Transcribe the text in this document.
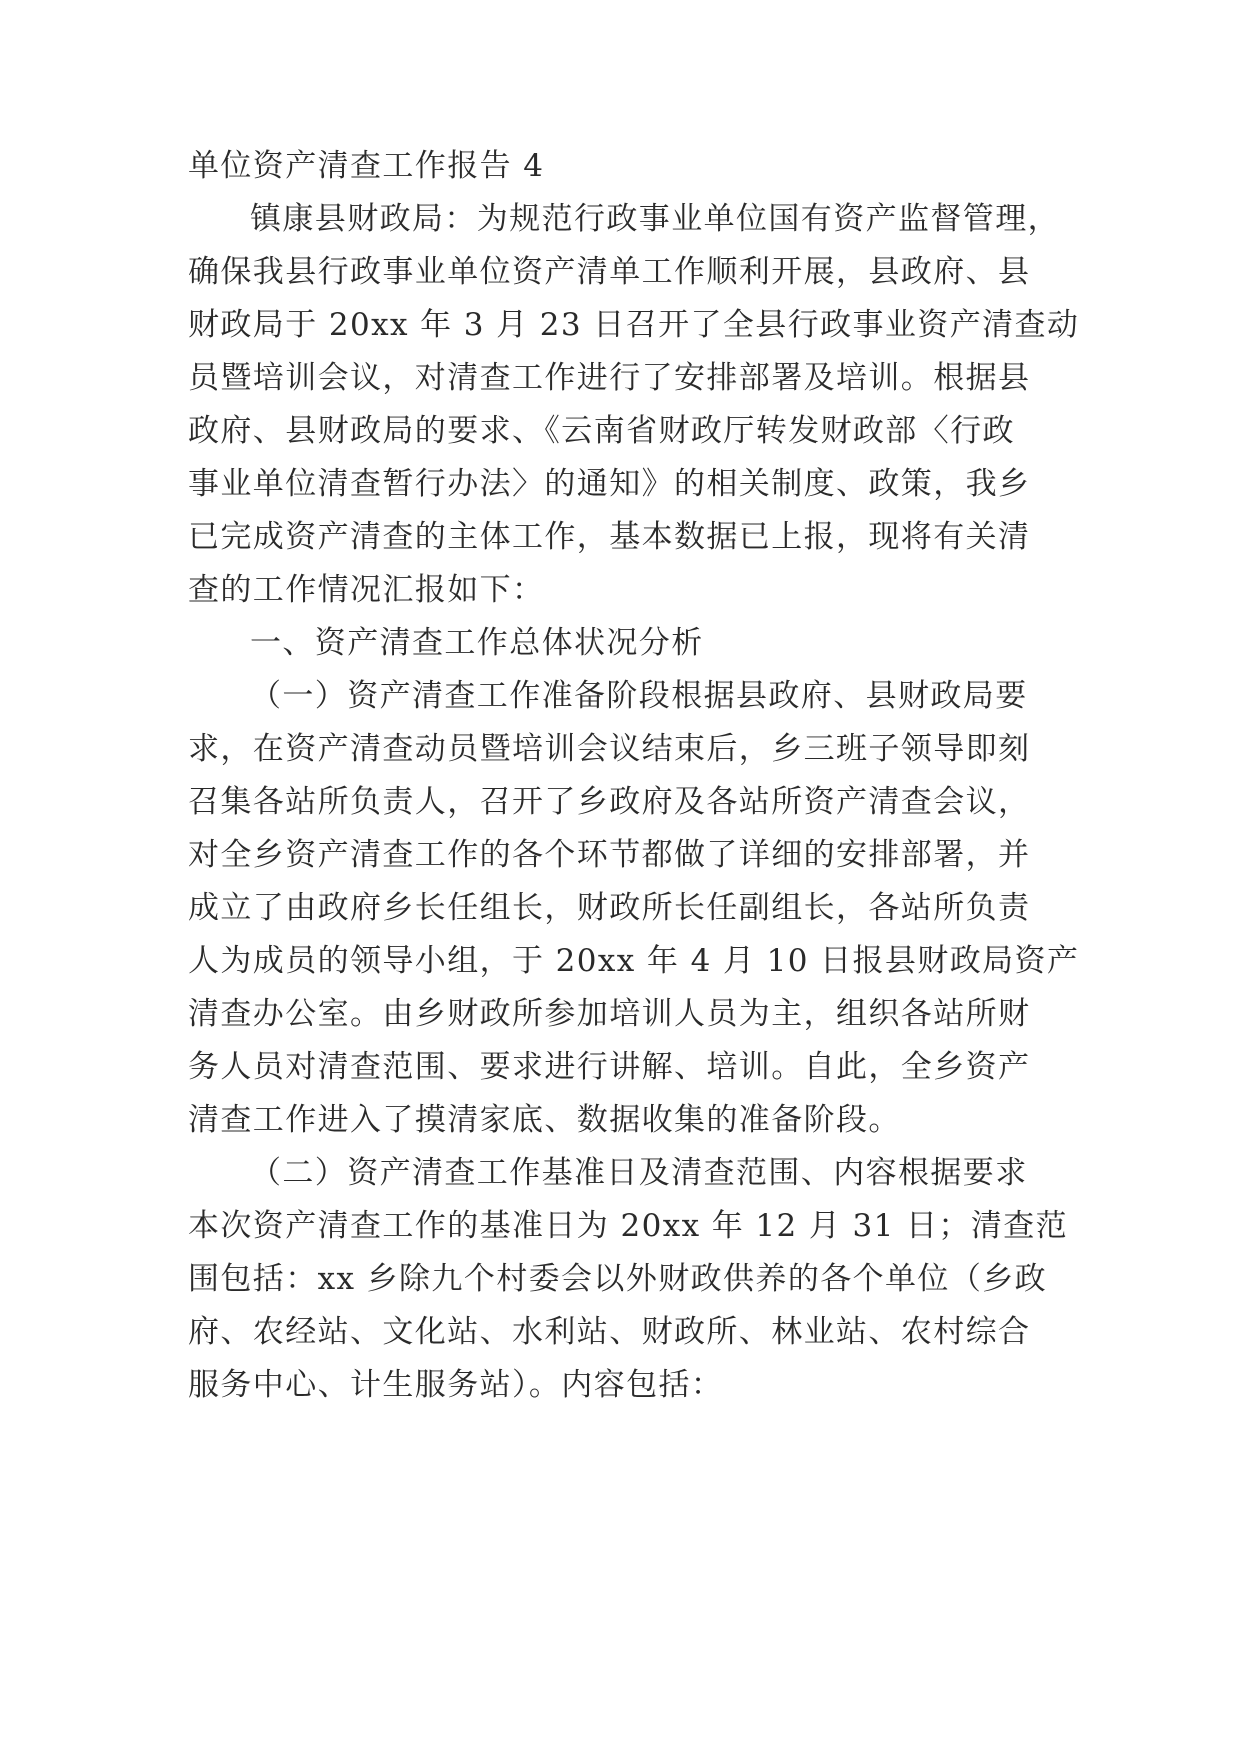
单位资产清查工作报告 4
镇康县财政局：为规范行政事业单位国有资产监督管理，
确保我县行政事业单位资产清单工作顺利开展，县政府、县
财政局于 20xx 年 3 月 23 日召开了全县行政事业资产清查动
员暨培训会议，对清查工作进行了安排部署及培训。根据县
政府、县财政局的要求、《云南省财政厅转发财政部〈行政
事业单位清查暂行办法〉的通知》的相关制度、政策，我乡
已完成资产清查的主体工作，基本数据已上报，现将有关清
查的工作情况汇报如下：
一、资产清查工作总体状况分析
（一）资产清查工作准备阶段根据县政府、县财政局要
求，在资产清查动员暨培训会议结束后，乡三班子领导即刻
召集各站所负责人，召开了乡政府及各站所资产清查会议，
对全乡资产清查工作的各个环节都做了详细的安排部署，并
成立了由政府乡长任组长，财政所长任副组长，各站所负责
人为成员的领导小组，于 20xx 年 4 月 10 日报县财政局资产
清查办公室。由乡财政所参加培训人员为主，组织各站所财
务人员对清查范围、要求进行讲解、培训。自此，全乡资产
清查工作进入了摸清家底、数据收集的准备阶段。
（二）资产清查工作基准日及清查范围、内容根据要求
本次资产清查工作的基准日为 20xx 年 12 月 31 日；清查范
围包括：xx 乡除九个村委会以外财政供养的各个单位（乡政
府、农经站、文化站、水利站、财政所、林业站、农村综合
服务中心、计生服务站）。内容包括：
